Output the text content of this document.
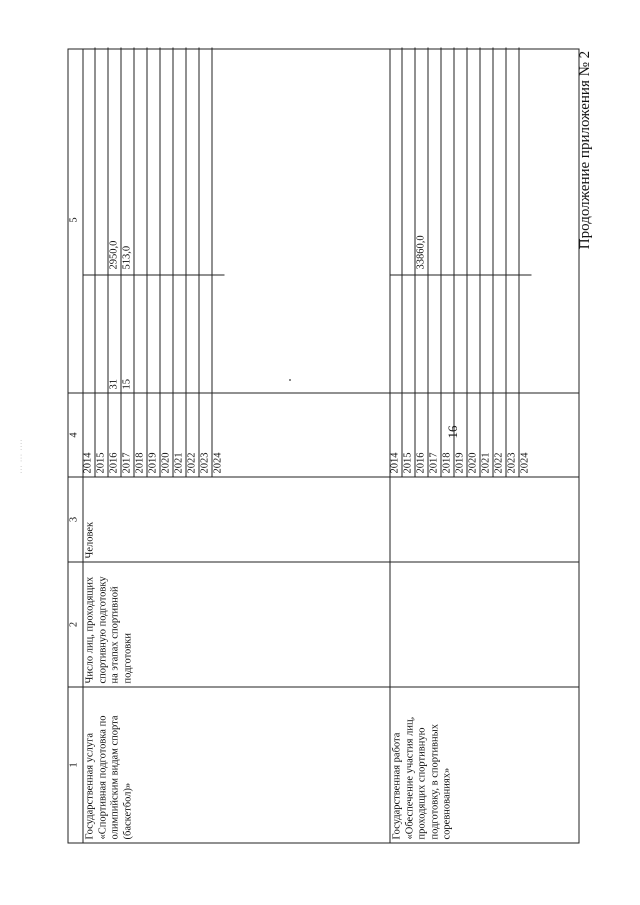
··· ··· ····
16
Продолжение приложения № 2
1
2
3
4
5
Государственная услуга «Спортивная подготовка по олимпийским видам спорта (баскетбол)»
Число лиц, проходящих спортивную подготовку на этапах спортивной подготовки
Человек
2014 2015 2016 2017 2018 2019 2020 2021 2022 2023 2024
31
2950,0
15
513,0
Государственная работа «Обеспечение участия лиц, проходящих спортивную подготовку, в спортивных соревнованиях»
2014 2015 2016 2017 2018 2019 2020 2021 2022 2023 2024
33860,0
